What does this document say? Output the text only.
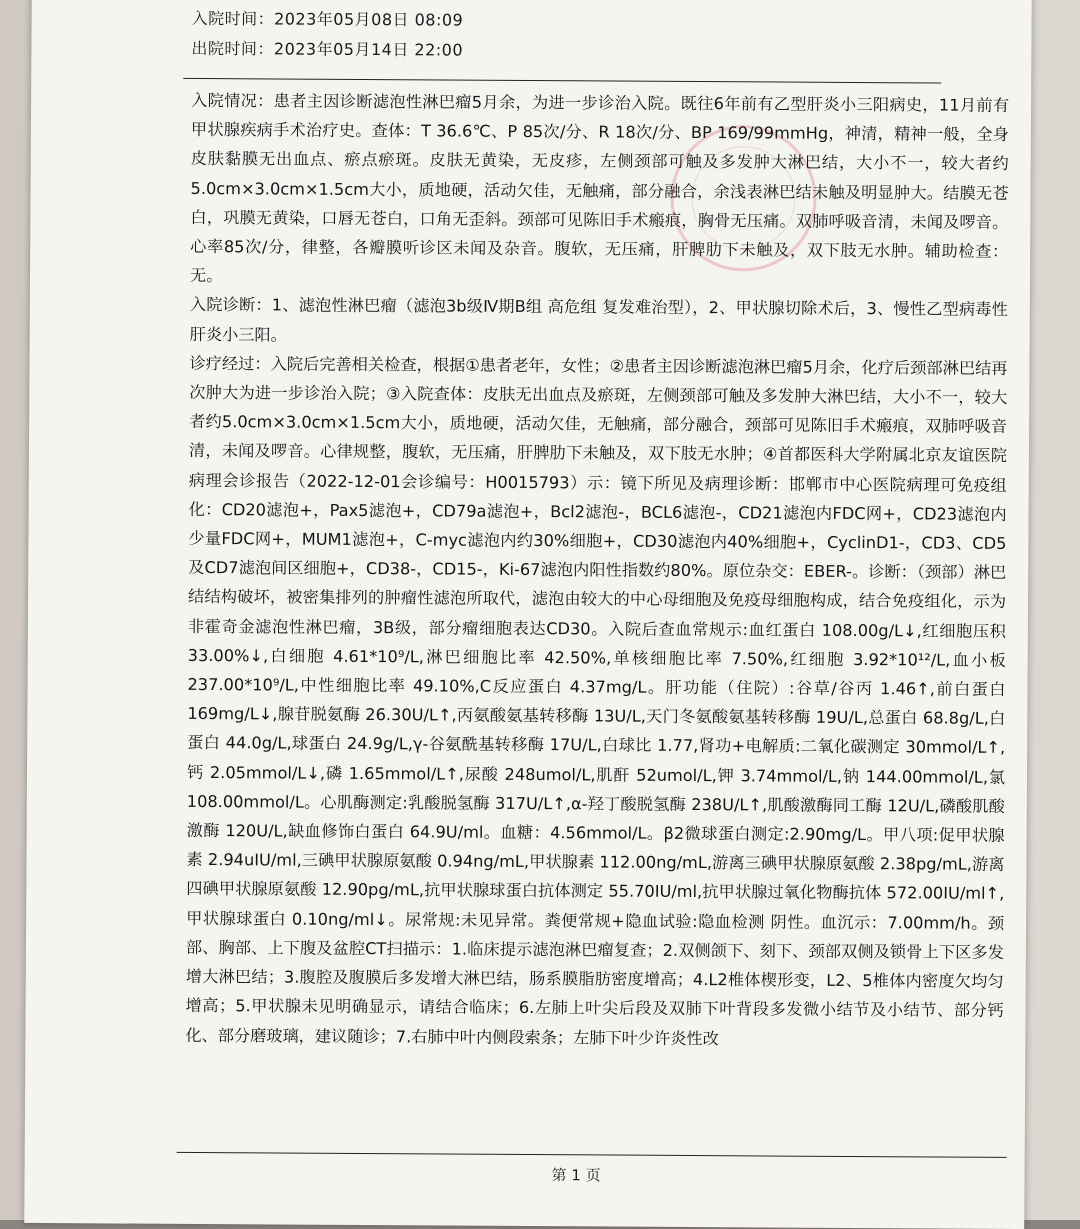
入院时间：2023年05月08日 08:09
出院时间：2023年05月14日 22:00

入院情况：患者主因诊断滤泡性淋巴瘤5月余，为进一步诊治入院。既往6年前有乙型肝炎小三阳病史，11月前有甲状腺疾病手术治疗史。查体：T 36.6℃、P 85次/分、R 18次/分、BP 169/99mmHg，神清，精神一般，全身皮肤黏膜无出血点、瘀点瘀斑。皮肤无黄染，无皮疹，左侧颈部可触及多发肿大淋巴结，大小不一，较大者约5.0cm×3.0cm×1.5cm大小，质地硬，活动欠佳，无触痛，部分融合，余浅表淋巴结未触及明显肿大。结膜无苍白，巩膜无黄染，口唇无苍白，口角无歪斜。颈部可见陈旧手术瘢痕，胸骨无压痛。双肺呼吸音清，未闻及啰音。心率85次/分，律整，各瓣膜听诊区未闻及杂音。腹软，无压痛，肝脾肋下未触及，双下肢无水肿。辅助检查：无。

入院诊断：1、滤泡性淋巴瘤（滤泡3b级Ⅳ期B组 高危组 复发难治型），2、甲状腺切除术后，3、慢性乙型病毒性肝炎小三阳。

诊疗经过：入院后完善相关检查，根据①患者老年，女性；②患者主因诊断滤泡淋巴瘤5月余，化疗后颈部淋巴结再次肿大为进一步诊治入院；③入院查体：皮肤无出血点及瘀斑，左侧颈部可触及多发肿大淋巴结，大小不一，较大者约5.0cm×3.0cm×1.5cm大小，质地硬，活动欠佳，无触痛，部分融合，颈部可见陈旧手术瘢痕，双肺呼吸音清，未闻及啰音。心律规整，腹软，无压痛，肝脾肋下未触及，双下肢无水肿；④首都医科大学附属北京友谊医院病理会诊报告（2022-12-01会诊编号：H0015793）示：镜下所见及病理诊断：邯郸市中心医院病理可免疫组化：CD20滤泡+，Pax5滤泡+，CD79a滤泡+，Bcl2滤泡-，BCL6滤泡-，CD21滤泡内FDC网+，CD23滤泡内少量FDC网+，MUM1滤泡+，C-myc滤泡内约30%细胞+，CD30滤泡内40%细胞+，CyclinD1-，CD3、CD5及CD7滤泡间区细胞+，CD38-，CD15-，Ki-67滤泡内阳性指数约80%。原位杂交：EBER-。诊断：（颈部）淋巴结结构破坏，被密集排列的肿瘤性滤泡所取代，滤泡由较大的中心母细胞及免疫母细胞构成，结合免疫组化，示为非霍奇金滤泡性淋巴瘤，3B级，部分瘤细胞表达CD30。入院后查血常规示:血红蛋白 108.00g/L↓,红细胞压积 33.00%↓,白细胞 4.61*10⁹/L,淋巴细胞比率 42.50%,单核细胞比率 7.50%,红细胞 3.92*10¹²/L,血小板 237.00*10⁹/L,中性细胞比率 49.10%,C反应蛋白 4.37mg/L。肝功能（住院）:谷草/谷丙 1.46↑,前白蛋白 169mg/L↓,腺苷脱氨酶 26.30U/L↑,丙氨酸氨基转移酶 13U/L,天门冬氨酸氨基转移酶 19U/L,总蛋白 68.8g/L,白蛋白 44.0g/L,球蛋白 24.9g/L,γ-谷氨酰基转移酶 17U/L,白球比 1.77,肾功+电解质:二氧化碳测定 30mmol/L↑,钙 2.05mmol/L↓,磷 1.65mmol/L↑,尿酸 248umol/L,肌酐 52umol/L,钾 3.74mmol/L,钠 144.00mmol/L,氯 108.00mmol/L。心肌酶测定:乳酸脱氢酶 317U/L↑,α-羟丁酸脱氢酶 238U/L↑,肌酸激酶同工酶 12U/L,磷酸肌酸激酶 120U/L,缺血修饰白蛋白 64.9U/ml。血糖：4.56mmol/L。β2微球蛋白测定:2.90mg/L。甲八项:促甲状腺素 2.94uIU/ml,三碘甲状腺原氨酸 0.94ng/mL,甲状腺素 112.00ng/mL,游离三碘甲状腺原氨酸 2.38pg/mL,游离四碘甲状腺原氨酸 12.90pg/mL,抗甲状腺球蛋白抗体测定 55.70IU/ml,抗甲状腺过氧化物酶抗体 572.00IU/ml↑,甲状腺球蛋白 0.10ng/ml↓。尿常规:未见异常。粪便常规+隐血试验:隐血检测 阴性。血沉示：7.00mm/h。颈部、胸部、上下腹及盆腔CT扫描示：1.临床提示滤泡淋巴瘤复查；2.双侧颌下、刻下、颈部双侧及锁骨上下区多发增大淋巴结；3.腹腔及腹膜后多发增大淋巴结，肠系膜脂肪密度增高；4.L2椎体楔形变，L2、5椎体内密度欠均匀增高；5.甲状腺未见明确显示，请结合临床；6.左肺上叶尖后段及双肺下叶背段多发微小结节及小结节、部分钙化、部分磨玻璃，建议随诊；7.右肺中叶内侧段索条；左肺下叶少许炎性改

第 1 页
